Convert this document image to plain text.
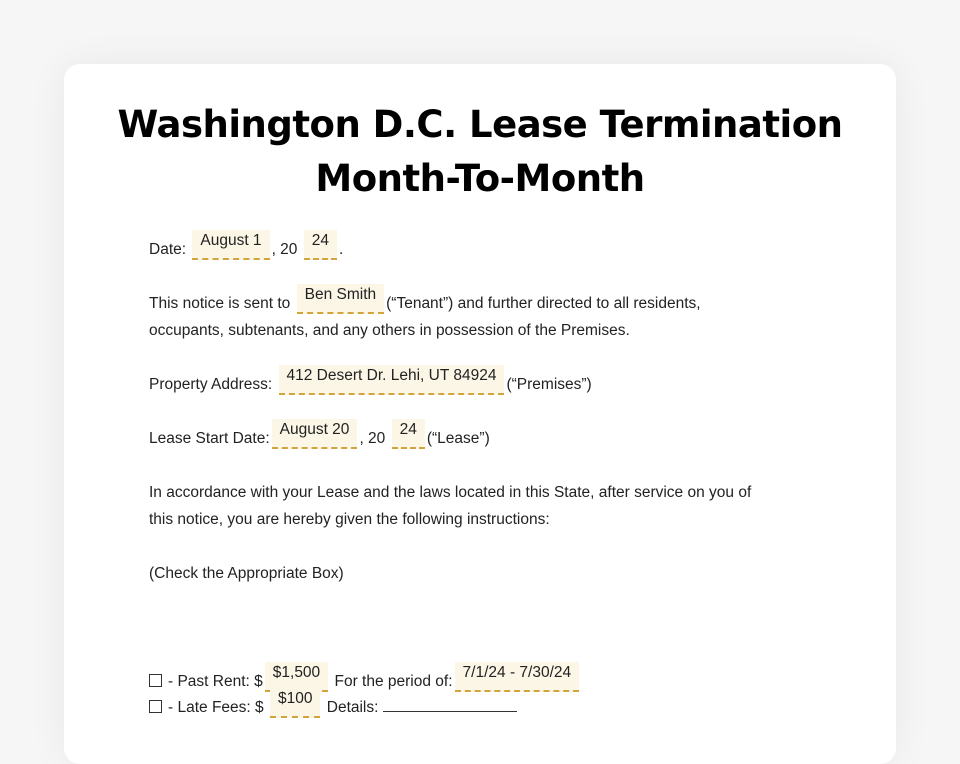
Washington D.C. Lease Termination
Month-To-Month
Date: August 1, 20 24.
This notice is sent to Ben Smith(“Tenant”) and further directed to all residents,
occupants, subtenants, and any others in possession of the Premises.
Property Address: 412 Desert Dr. Lehi, UT 84924(“Premises”)
Lease Start Date:August 20, 20 24(“Lease”)
In accordance with your Lease and the laws located in this State, after service on you of
this notice, you are hereby given the following instructions:
(Check the Appropriate Box)
- Past Rent: $$1,500 For the period of:7/1/24 - 7/30/24
- Late Fees: $ $100 Details:
